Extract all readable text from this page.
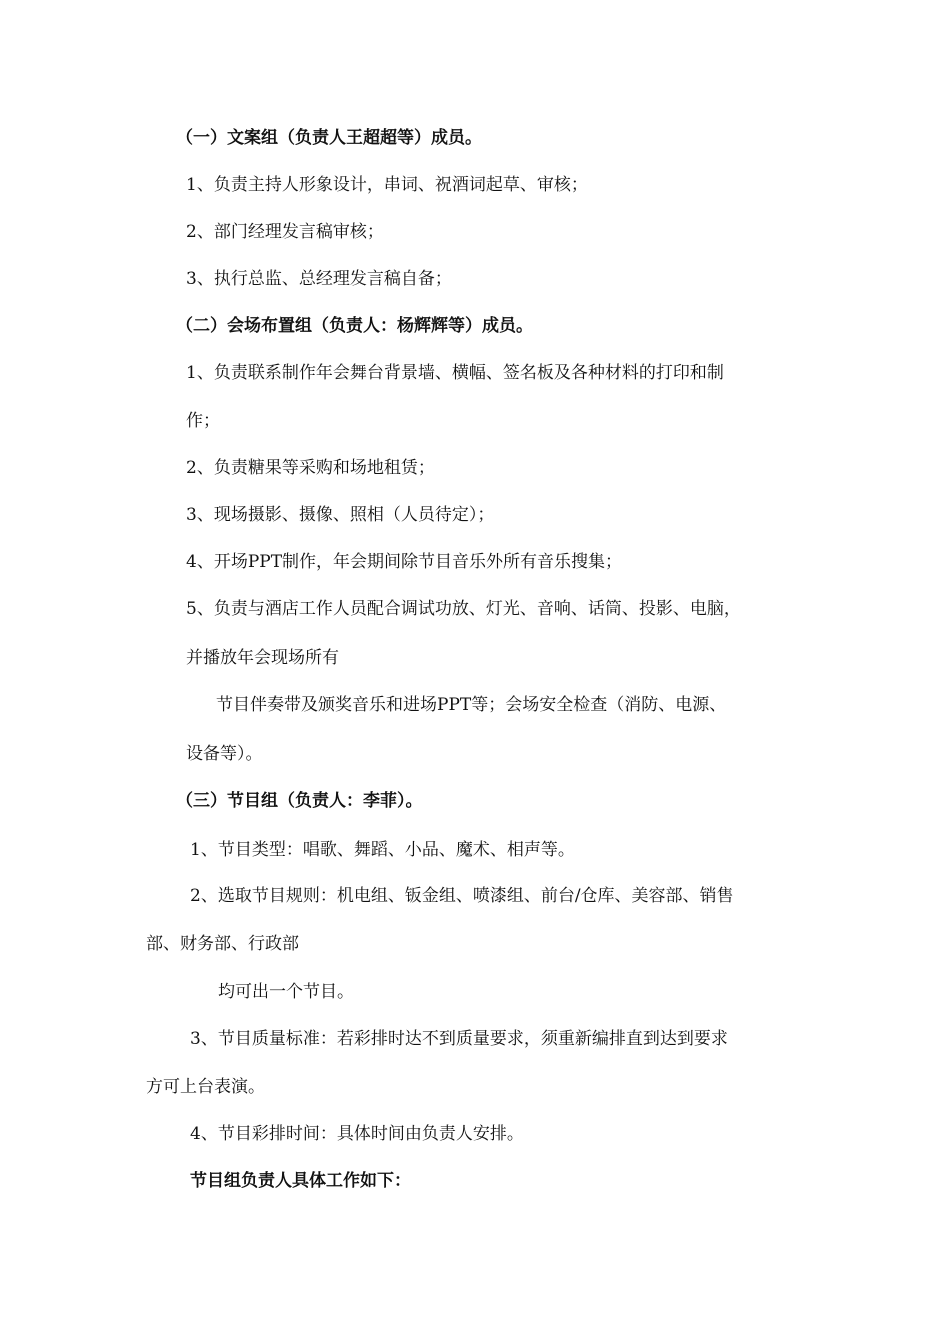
（一）文案组（负责人王超超等）成员。
1、负责主持人形象设计，串词、祝酒词起草、审核；
2、部门经理发言稿审核；
3、执行总监、总经理发言稿自备；
（二）会场布置组（负责人：杨辉辉等）成员。
1、负责联系制作年会舞台背景墙、横幅、签名板及各种材料的打印和制
作；
2、负责糖果等采购和场地租赁；
3、现场摄影、摄像、照相（人员待定）；
4、开场PPT制作，年会期间除节目音乐外所有音乐搜集；
5、负责与酒店工作人员配合调试功放、灯光、音响、话筒、投影、电脑，
并播放年会现场所有
节目伴奏带及颁奖音乐和进场PPT等；会场安全检查（消防、电源、
设备等）。
（三）节目组（负责人：李菲）。
1、节目类型：唱歌、舞蹈、小品、魔术、相声等。
2、选取节目规则：机电组、钣金组、喷漆组、前台/仓库、美容部、销售
部、财务部、行政部
均可出一个节目。
3、节目质量标准：若彩排时达不到质量要求，须重新编排直到达到要求
方可上台表演。
4、节目彩排时间：具体时间由负责人安排。
节目组负责人具体工作如下：
